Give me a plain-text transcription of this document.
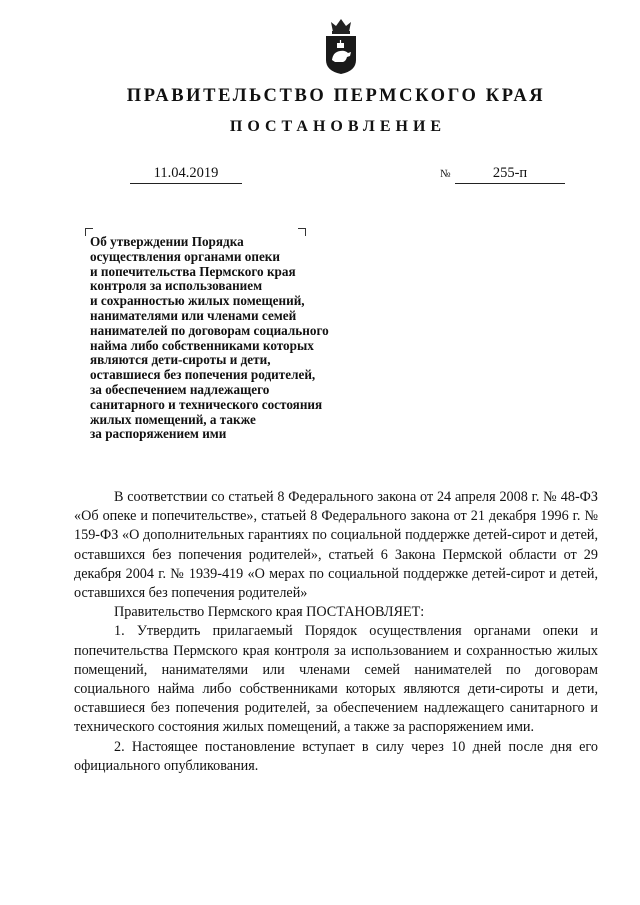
ПРАВИТЕЛЬСТВО ПЕРМСКОГО КРАЯ
ПОСТАНОВЛЕНИЕ
11.04.2019	№	255-п
Об утверждении Порядка
осуществления органами опеки
и попечительства Пермского края
контроля за использованием
и сохранностью жилых помещений,
нанимателями или членами семей
нанимателей по договорам социального
найма либо собственниками которых
являются дети-сироты и дети,
оставшиеся без попечения родителей,
за обеспечением надлежащего
санитарного и технического состояния
жилых помещений, а также
за распоряжением ими

В соответствии со статьей 8 Федерального закона от 24 апреля 2008 г. № 48-ФЗ «Об опеке и попечительстве», статьей 8 Федерального закона от 21 декабря 1996 г. № 159-ФЗ «О дополнительных гарантиях по социальной поддержке детей-сирот и детей, оставшихся без попечения родителей», статьей 6 Закона Пермской области от 29 декабря 2004 г. № 1939-419 «О мерах по социальной поддержке детей-сирот и детей, оставшихся без попечения родителей»

Правительство Пермского края ПОСТАНОВЛЯЕТ:

1. Утвердить прилагаемый Порядок осуществления органами опеки и попечительства Пермского края контроля за использованием и сохранностью жилых помещений, нанимателями или членами семей нанимателей по договорам социального найма либо собственниками которых являются дети-сироты и дети, оставшиеся без попечения родителей, за обеспечением надлежащего санитарного и технического состояния жилых помещений, а также за распоряжением ими.

2. Настоящее постановление вступает в силу через 10 дней после дня его официального опубликования.
